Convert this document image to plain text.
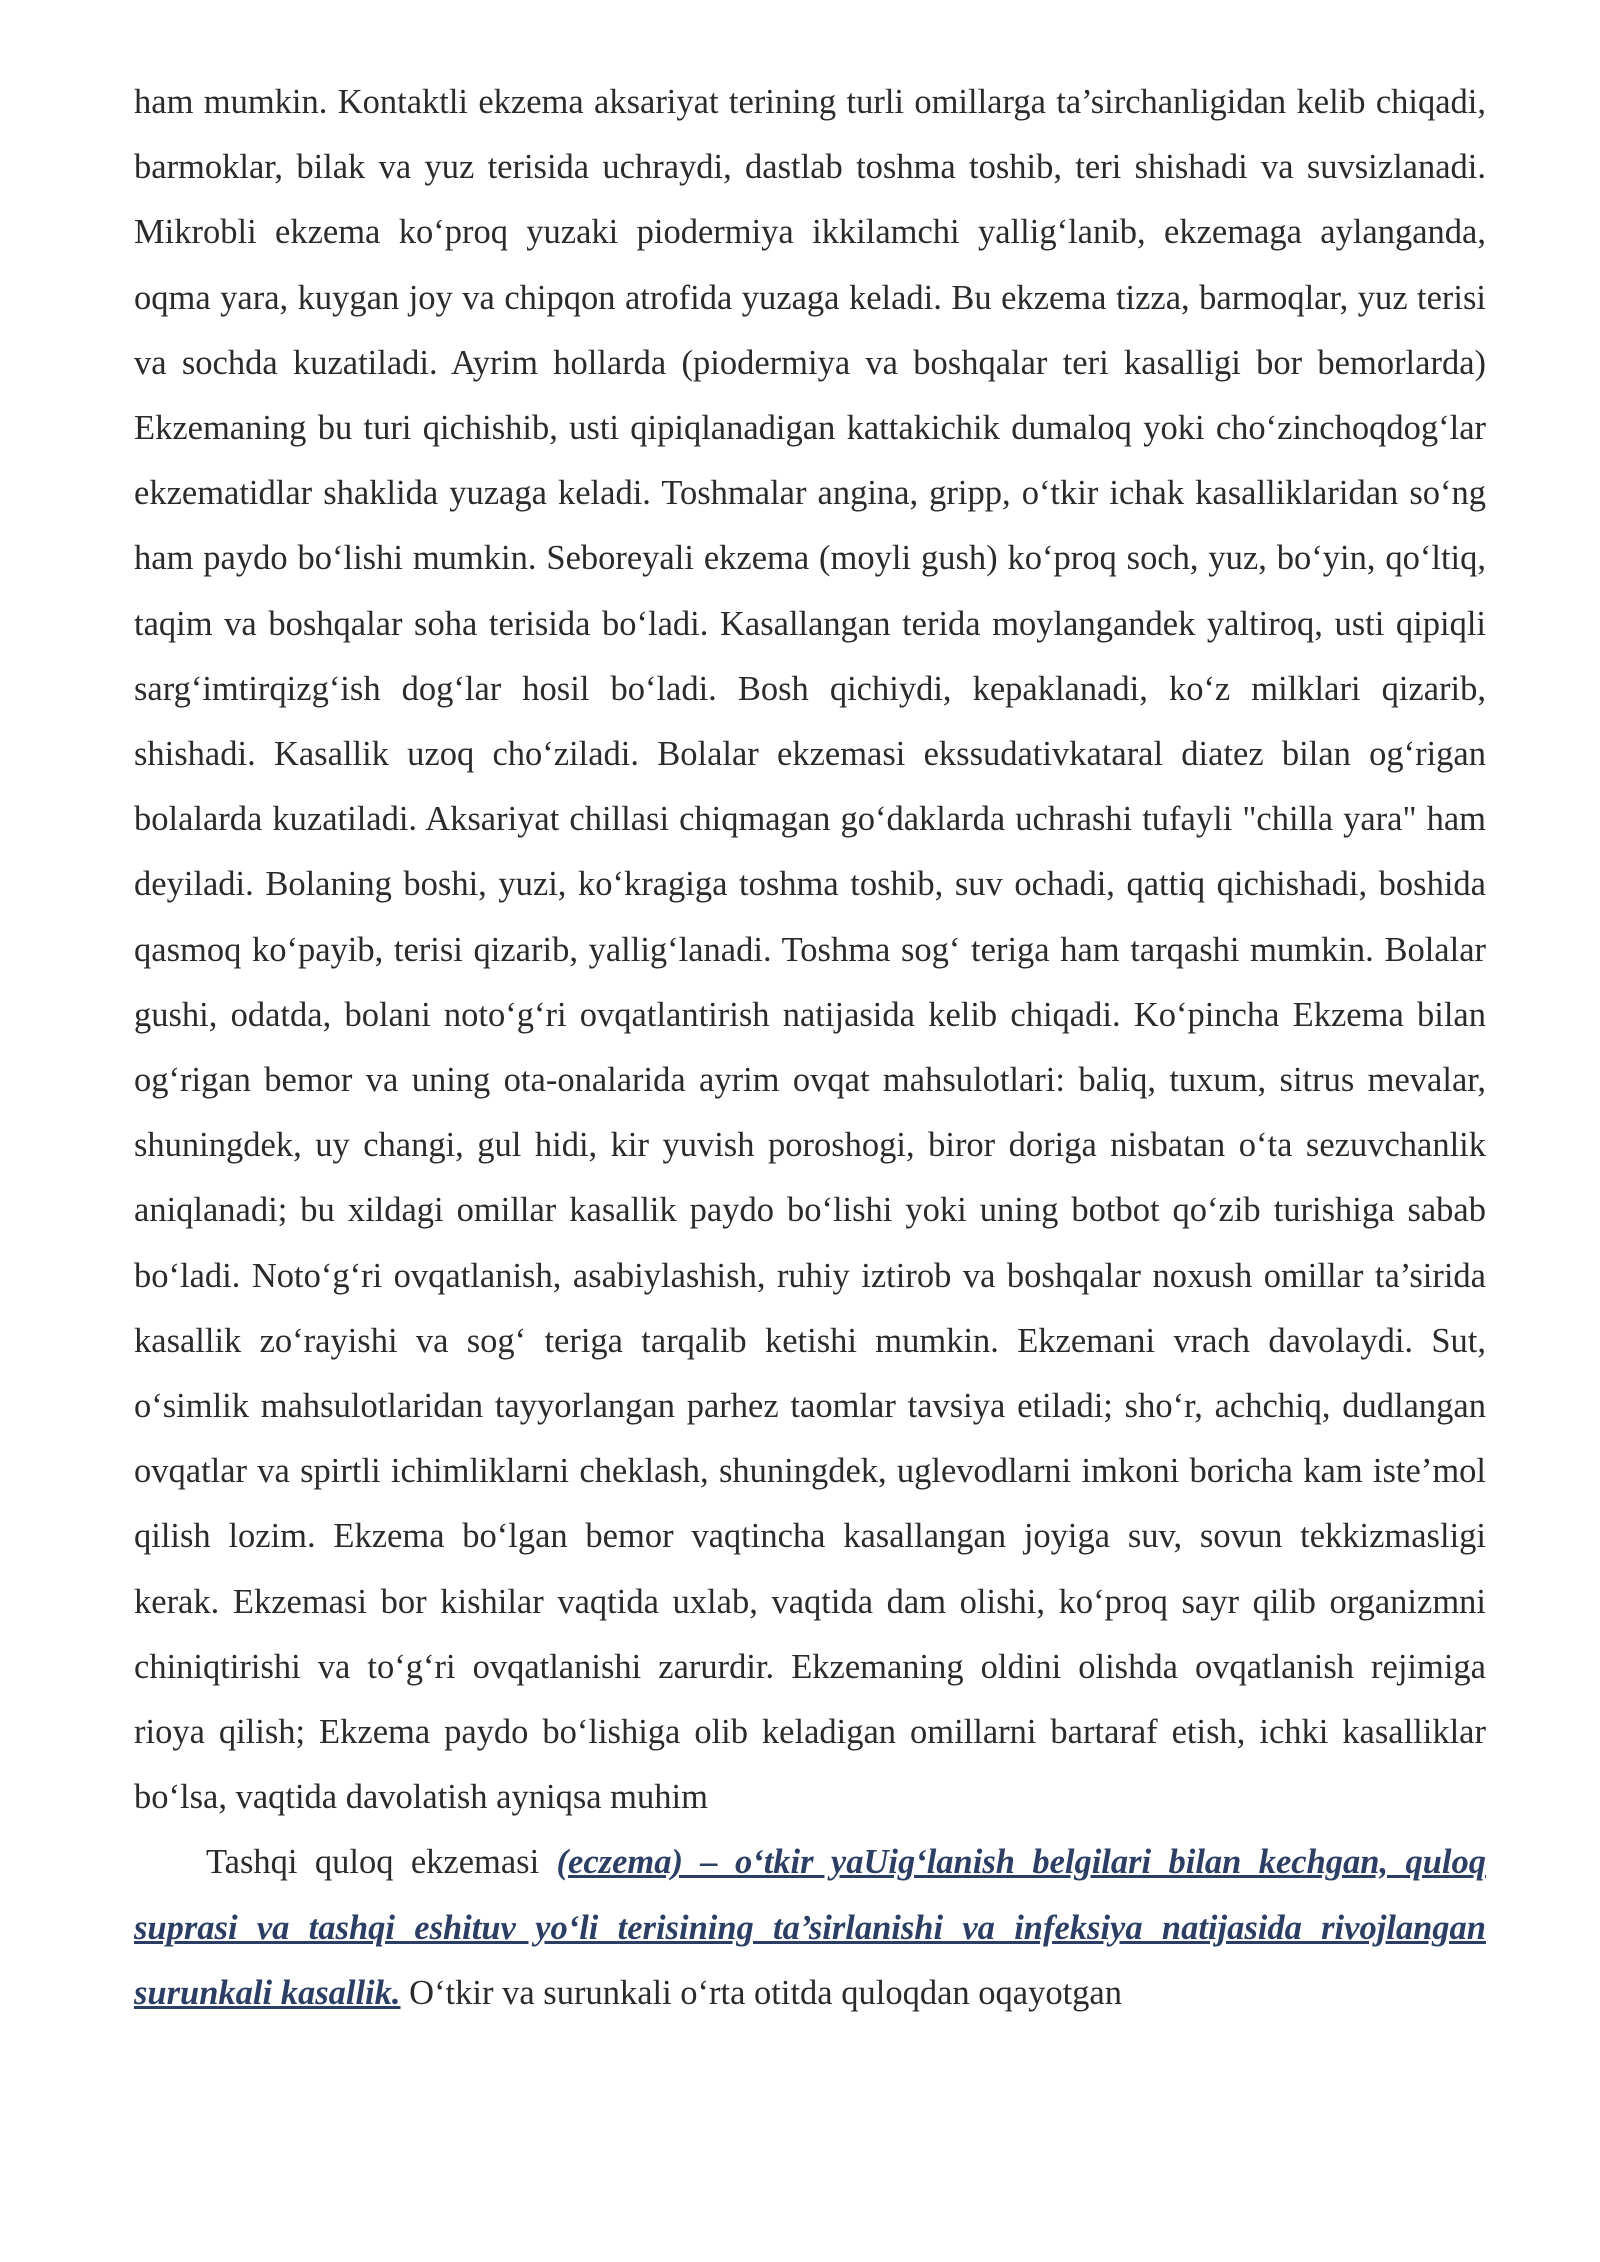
ham mumkin. Kontaktli ekzema aksariyat terining turli omillarga ta’sirchanligidan kelib chiqadi, barmoklar, bilak va yuz terisida uchraydi, dastlab toshma toshib, teri shishadi va suvsizlanadi. Mikrobli ekzema ko‘proq yuzaki piodermiya ikkilamchi yallig‘lanib, ekzemaga aylanganda, oqma yara, kuygan joy va chipqon atrofida yuzaga keladi. Bu ekzema tizza, barmoqlar, yuz terisi va sochda kuzatiladi. Ayrim hollarda (piodermiya va boshqalar teri kasalligi bor bemorlarda) Ekzemaning bu turi qichishib, usti qipiqlanadigan kattakichik dumaloq yoki cho‘zinchoqdog‘lar ekzematidlar shaklida yuzaga keladi. Toshmalar angina, gripp, o‘tkir ichak kasalliklaridan so‘ng ham paydo bo‘lishi mumkin. Seboreyali ekzema (moyli gush) ko‘proq soch, yuz, bo‘yin, qo‘ltiq, taqim va boshqalar soha terisida bo‘ladi. Kasallangan terida moylangandek yaltiroq, usti qipiqli sarg‘imtirqizg‘ish dog‘lar hosil bo‘ladi. Bosh qichiydi, kepaklanadi, ko‘z milklari qizarib, shishadi. Kasallik uzoq cho‘ziladi. Bolalar ekzemasi ekssudativkataral diatez bilan og‘rigan bolalarda kuzatiladi. Aksariyat chillasi chiqmagan go‘daklarda uchrashi tufayli "chilla yara" ham deyiladi. Bolaning boshi, yuzi, ko‘kragiga toshma toshib, suv ochadi, qattiq qichishadi, boshida qasmoq ko‘payib, terisi qizarib, yallig‘lanadi. Toshma sog‘ teriga ham tarqashi mumkin. Bolalar gushi, odatda, bolani noto‘g‘ri ovqatlantirish natijasida kelib chiqadi. Ko‘pincha Ekzema bilan og‘rigan bemor va uning ota-onalarida ayrim ovqat mahsulotlari: baliq, tuxum, sitrus mevalar, shuningdek, uy changi, gul hidi, kir yuvish poroshogi, biror doriga nisbatan o‘ta sezuvchanlik aniqlanadi; bu xildagi omillar kasallik paydo bo‘lishi yoki uning botbot qo‘zib turishiga sabab bo‘ladi. Noto‘g‘ri ovqatlanish, asabiylashish, ruhiy iztirob va boshqalar noxush omillar ta’sirida kasallik zo‘rayishi va sog‘ teriga tarqalib ketishi mumkin. Ekzemani vrach davolaydi. Sut, o‘simlik mahsulotlaridan tayyorlangan parhez taomlar tavsiya etiladi; sho‘r, achchiq, dudlangan ovqatlar va spirtli ichimliklarni cheklash, shuningdek, uglevodlarni imkoni boricha kam iste’mol qilish lozim. Ekzema bo‘lgan bemor vaqtincha kasallangan joyiga suv, sovun tekkizmasligi kerak. Ekzemasi bor kishilar vaqtida uxlab, vaqtida dam olishi, ko‘proq sayr qilib organizmni chiniqtirishi va to‘g‘ri ovqatlanishi zarurdir. Ekzemaning oldini olishda ovqatlanish rejimiga rioya qilish; Ekzema paydo bo‘lishiga olib keladigan omillarni bartaraf etish, ichki kasalliklar bo‘lsa, vaqtida davolatish ayniqsa muhim

Tashqi quloq ekzemasi (eczema) – o‘tkir yaUig‘lanish belgilari bilan kechgan, quloq suprasi va tashqi eshituv yo‘li terisining ta’sirlanishi va infeksiya natijasida rivojlangan surunkali kasallik. O‘tkir va surunkali o‘rta otitda quloqdan oqayotgan
